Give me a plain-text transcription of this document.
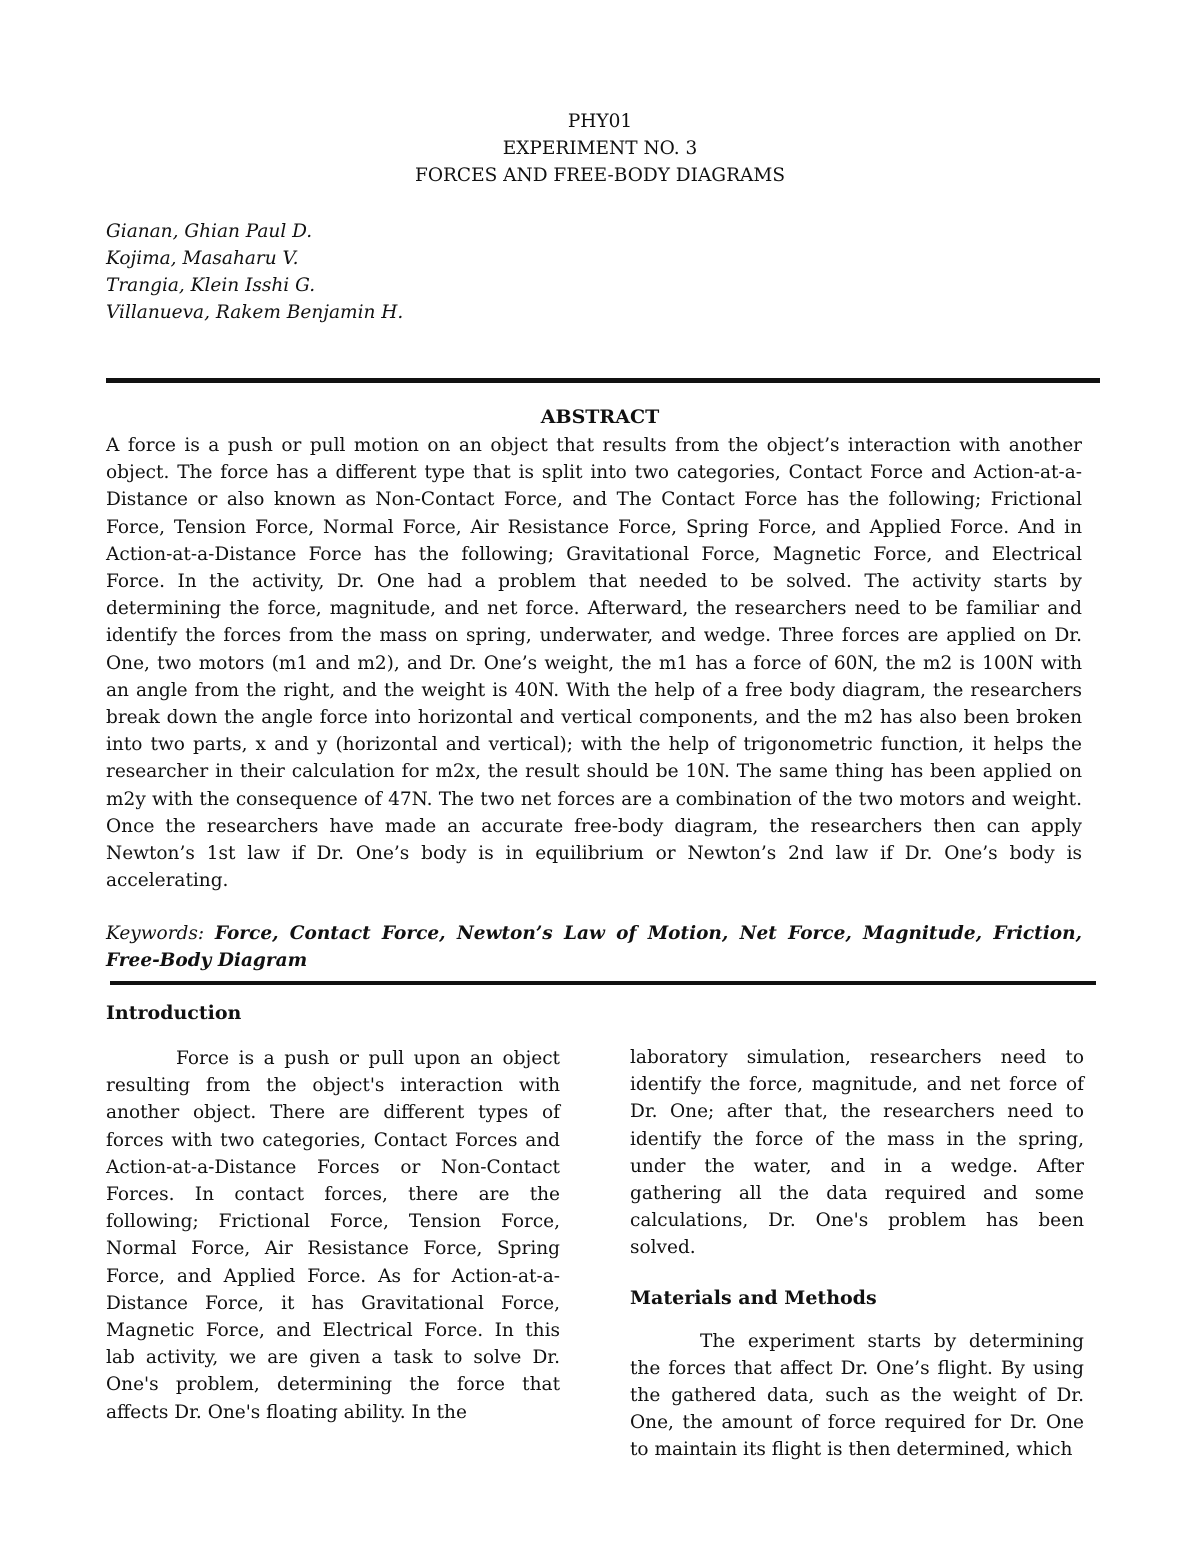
PHY01
EXPERIMENT NO. 3
FORCES AND FREE-BODY DIAGRAMS
Gianan, Ghian Paul D.
Kojima, Masaharu V.
Trangia, Klein Isshi G.
Villanueva, Rakem Benjamin H.
ABSTRACT

A force is a push or pull motion on an object that results from the object’s interaction with another object. The force has a different type that is split into two categories, Contact Force and Action-at-a-Distance or also known as Non-Contact Force, and The Contact Force has the following; Frictional Force, Tension Force, Normal Force, Air Resistance Force, Spring Force, and Applied Force. And in Action-at-a-Distance Force has the following; Gravitational Force, Magnetic Force, and Electrical Force. In the activity, Dr. One had a problem that needed to be solved. The activity starts by determining the force, magnitude, and net force. Afterward, the researchers need to be familiar and identify the forces from the mass on spring, underwater, and wedge. Three forces are applied on Dr. One, two motors (m1 and m2), and Dr. One’s weight, the m1 has a force of 60N, the m2 is 100N with an angle from the right, and the weight is 40N. With the help of a free body diagram, the researchers break down the angle force into horizontal and vertical components, and the m2 has also been broken into two parts, x and y (horizontal and vertical); with the help of trigonometric function, it helps the researcher in their calculation for m2x, the result should be 10N. The same thing has been applied on m2y with the consequence of 47N. The two net forces are a combination of the two motors and weight. Once the researchers have made an accurate free-body diagram, the researchers then can apply Newton’s 1st law if Dr. One’s body is in equilibrium or Newton’s 2nd law if Dr. One’s body is accelerating.

Keywords: Force, Contact Force, Newton’s Law of Motion, Net Force, Magnitude, Friction, Free-Body Diagram
Introduction

Force is a push or pull upon an object resulting from the object's interaction with another object. There are different types of forces with two categories, Contact Forces and Action-at-a-Distance Forces or Non-Contact Forces. In contact forces, there are the following; Frictional Force, Tension Force, Normal Force, Air Resistance Force, Spring Force, and Applied Force. As for Action-at-a-Distance Force, it has Gravitational Force, Magnetic Force, and Electrical Force. In this lab activity, we are given a task to solve Dr. One's problem, determining the force that affects Dr. One's floating ability. In the

laboratory simulation, researchers need to identify the force, magnitude, and net force of Dr. One; after that, the researchers need to identify the force of the mass in the spring, under the water, and in a wedge. After gathering all the data required and some calculations, Dr. One's problem has been solved.

Materials and Methods

The experiment starts by determining the forces that affect Dr. One’s flight. By using the gathered data, such as the weight of Dr. One, the amount of force required for Dr. One to maintain its flight is then determined, which
